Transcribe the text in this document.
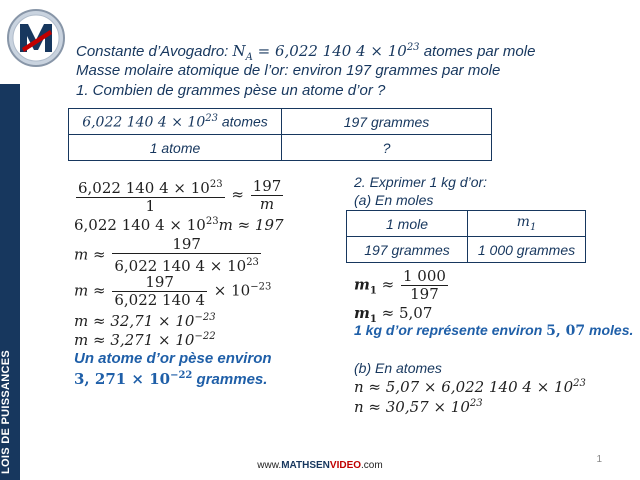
LOIS DE PUISSANCES
Constante d’Avogadro: $N_A = 6,022$ 140 $4 \times 10^{23}$ atomes par mole
Masse molaire atomique de l’or: environ 197 grammes par mole
1. Combien de grammes pèse un atome d’or ?
6,022 140 $4 \times 10^{23}$ atomes	197 grammes
1 atome	?
$\frac{6,022 140 4 \times 10^{23}}{1} \approx \frac{197}{m}$
6,022 140 $4 \times 10^{23}m \approx 197$
$m \approx \frac{197}{6,022 140 4 \times 10^{23}}$
$m \approx \frac{197}{6,022 140 4} \times 10^{-23}$
$m \approx 32,71 \times 10^{-23}$
$m \approx 3,271 \times 10^{-22}$
Un atome d’or pèse environ
3, $271 \times 10^{-22}$ grammes.
2. Exprimer 1 kg d’or:
(a) En moles
1 mole	$m_1$
197 grammes	1 000 grammes
$m_1 \approx \frac{1 000}{197}$
$m_1 \approx 5,07$
1 kg d’or représente environ 5, 07 moles.
(b) En atomes
n ≈ 5,07 × 6,022 140 $4 \times 10^{23}$
$n \approx 30,57 \times 10^{23}$
www.MATHSENVIDEO.com
1
